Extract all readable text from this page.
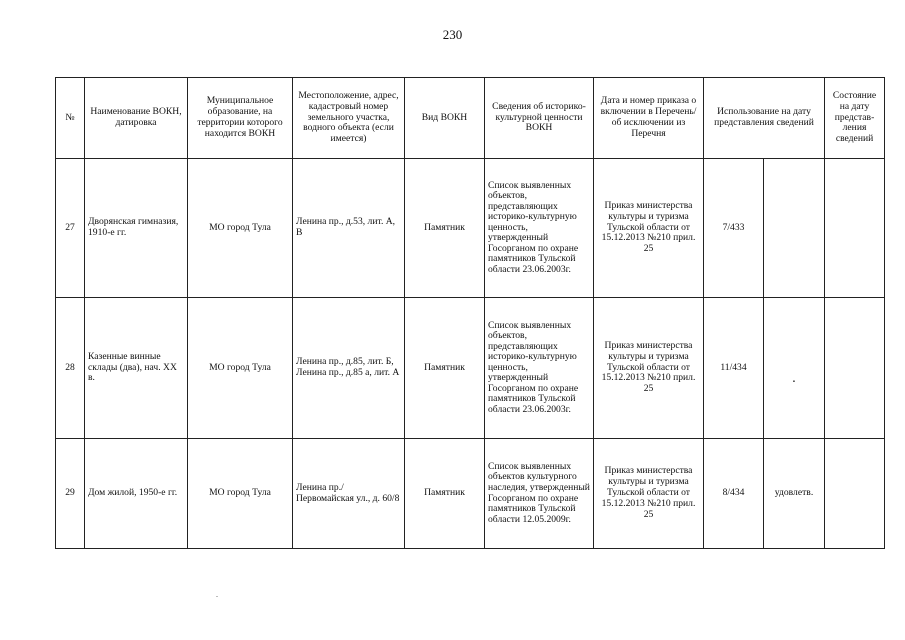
230
№	Наименование ВОКН, датировка	Муниципальное образование, на территории которого находится ВОКН	Местоположение, адрес, кадастровый номер земельного участка, водного объекта (если имеется)	Вид ВОКН	Сведения об историко-культурной ценности ВОКН	Дата и номер приказа о включении в Перечень/ об исключении из Перечня	Использование на дату представления сведений		Состояние на дату представ-ления сведений
27	Дворянская гимназия, 1910-е гг.	МО город Тула	Ленина пр., д.53, лит. А, В	Памятник	Список выявленных объектов, представляющих историко-культурную ценность, утвержденный Госорганом по охране памятников Тульской области 23.06.2003г.	Приказ министерства культуры и туризма Тульской области от 15.12.2013 №210 прил. 25	7/433		
28	Казенные винные склады (два), нач. XX в.	МО город Тула	Ленина пр., д.85, лит. Б, Ленина пр., д.85 а, лит. А	Памятник	Список выявленных объектов, представляющих историко-культурную ценность, утвержденный Госорганом по охране памятников Тульской области 23.06.2003г.	Приказ министерства культуры и туризма Тульской области от 15.12.2013 №210 прил. 25	11/434	·	

29	Дом жилой, 1950-е гг.	МО город Тула	Ленина пр./ Первомайская ул., д. 60/8	Памятник	Список выявленных объектов культурного наследия, утвержденный Госорганом по охране памятников Тульской области 12.05.2009г.	Приказ министерства культуры и туризма Тульской области от 15.12.2013 №210 прил. 25	8/434	удовлетв.	
